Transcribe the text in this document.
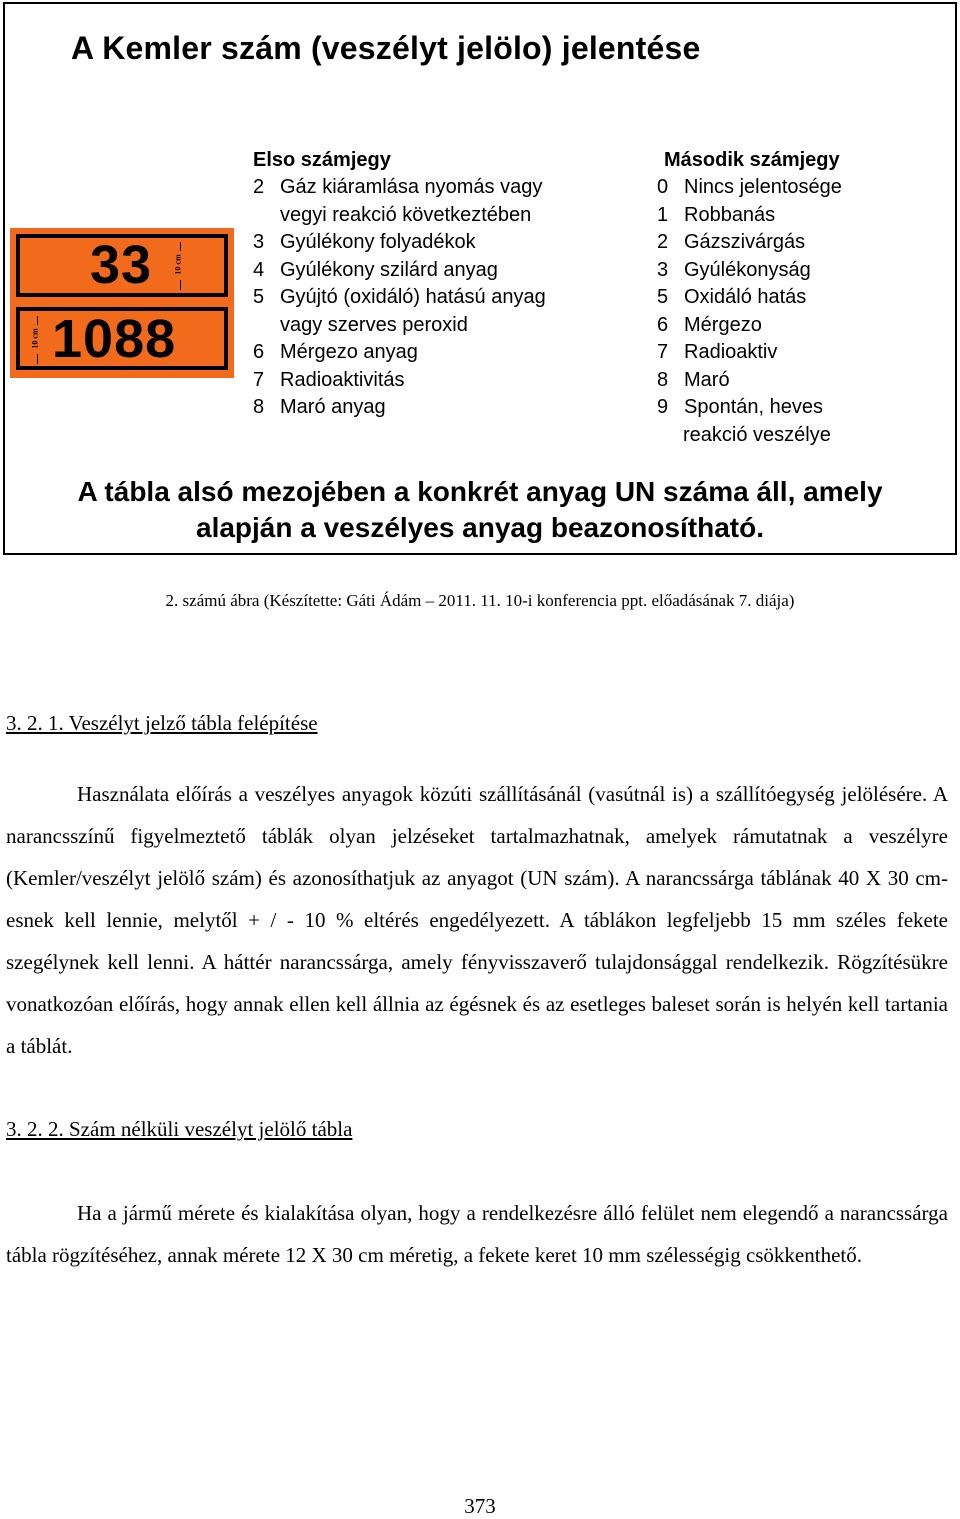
A Kemler szám (veszélyt jelölo) jelentése
33
1088
10 cm
10 cm
Elso számjegy
2 Gáz kiáramlása nyomás vagy
vegyi reakció következtében
3 Gyúlékony folyadékok
4 Gyúlékony szilárd anyag
5 Gyújtó (oxidáló) hatású anyag
vagy szerves peroxid
6 Mérgezo anyag
7 Radioaktivitás
8 Maró anyag
Második számjegy
0 Nincs jelentosége
1 Robbanás
2 Gázszivárgás
3 Gyúlékonyság
5 Oxidáló hatás
6 Mérgezo
7 Radioaktiv
8 Maró
9 Spontán, heves
reakció veszélye

A tábla alsó mezojében a konkrét anyag UN száma áll, amely
alapján a veszélyes anyag beazonosítható.

2. számú ábra (Készítette: Gáti Ádám – 2011. 11. 10-i konferencia ppt. előadásának 7. diája)
3. 2. 1. Veszélyt jelző tábla felépítése

Használata előírás a veszélyes anyagok közúti szállításánál (vasútnál is) a szállítóegység jelölésére. A narancsszínű figyelmeztető táblák olyan jelzéseket tartalmazhatnak, amelyek rámutatnak a veszélyre (Kemler/veszélyt jelölő szám) és azonosíthatjuk az anyagot (UN szám). A narancssárga táblának 40 X 30 cm-esnek kell lennie, melytől + / - 10 % eltérés engedélyezett. A táblákon legfeljebb 15 mm széles fekete szegélynek kell lenni. A háttér narancssárga, amely fényvisszaverő tulajdonsággal rendelkezik. Rögzítésükre vonatkozóan előírás, hogy annak ellen kell állnia az égésnek és az esetleges baleset során is helyén kell tartania a táblát.

3. 2. 2. Szám nélküli veszélyt jelölő tábla

Ha a jármű mérete és kialakítása olyan, hogy a rendelkezésre álló felület nem elegendő a narancssárga tábla rögzítéséhez, annak mérete 12 X 30 cm méretig, a fekete keret 10 mm szélességig csökkenthető.

373
